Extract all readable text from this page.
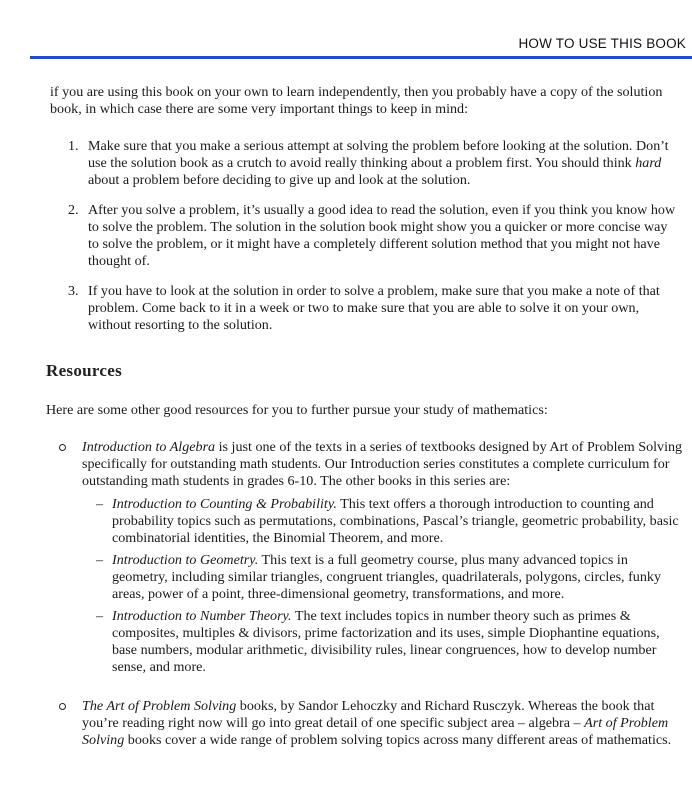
HOW TO USE THIS BOOK

if you are using this book on your own to learn independently, then you probably have a copy of the solution book, in which case there are some very important things to keep in mind:

1. Make sure that you make a serious attempt at solving the problem before looking at the solution. Don’t use the solution book as a crutch to avoid really thinking about a problem first. You should think hard about a problem before deciding to give up and look at the solution.
2. After you solve a problem, it’s usually a good idea to read the solution, even if you think you know how to solve the problem. The solution in the solution book might show you a quicker or more concise way to solve the problem, or it might have a completely different solution method that you might not have thought of.
3. If you have to look at the solution in order to solve a problem, make sure that you make a note of that problem. Come back to it in a week or two to make sure that you are able to solve it on your own, without resorting to the solution.
Resources

Here are some other good resources for you to further pursue your study of mathematics:

Introduction to Algebra is just one of the texts in a series of textbooks designed by Art of Problem Solving specifically for outstanding math students. Our Introduction series constitutes a complete curriculum for outstanding math students in grades 6-10. The other books in this series are:
– Introduction to Counting & Probability. This text offers a thorough introduction to counting and probability topics such as permutations, combinations, Pascal’s triangle, geometric probability, basic combinatorial identities, the Binomial Theorem, and more.
– Introduction to Geometry. This text is a full geometry course, plus many advanced topics in geometry, including similar triangles, congruent triangles, quadrilaterals, polygons, circles, funky areas, power of a point, three-dimensional geometry, transformations, and more.
– Introduction to Number Theory. The text includes topics in number theory such as primes & composites, multiples & divisors, prime factorization and its uses, simple Diophantine equations, base numbers, modular arithmetic, divisibility rules, linear congruences, how to develop number sense, and more.
The Art of Problem Solving books, by Sandor Lehoczky and Richard Rusczyk. Whereas the book that you’re reading right now will go into great detail of one specific subject area – algebra – Art of Problem Solving books cover a wide range of problem solving topics across many different areas of mathematics.
